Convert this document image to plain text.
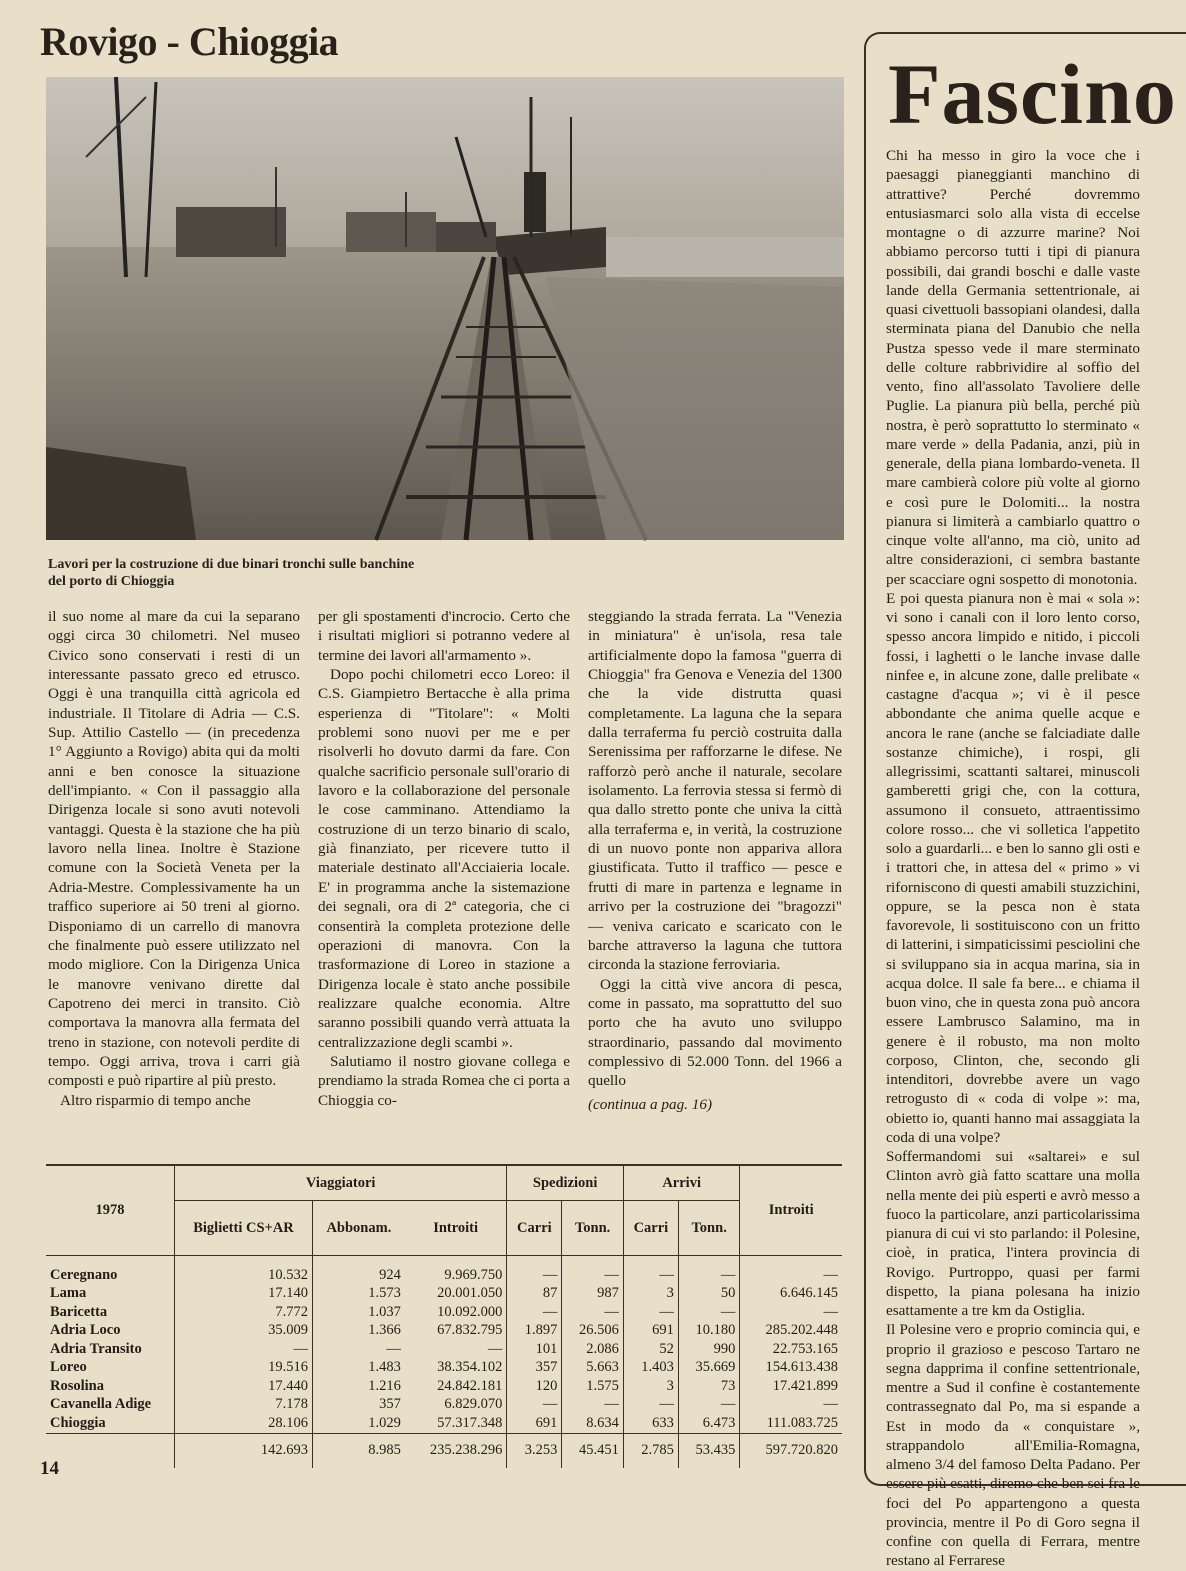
Rovigo - Chioggia
Lavori per la costruzione di due binari tronchi sulle banchine del porto di Chioggia

il suo nome al mare da cui la separano oggi circa 30 chilometri. Nel museo Civico sono conservati i resti di un interessante passato greco ed etrusco. Oggi è una tranquilla città agricola ed industriale. Il Titolare di Adria — C.S. Sup. Attilio Castello — (in precedenza 1° Aggiunto a Rovigo) abita qui da molti anni e ben conosce la situazione dell'impianto. « Con il passaggio alla Dirigenza locale si sono avuti notevoli vantaggi. Questa è la stazione che ha più lavoro nella linea. Inoltre è Stazione comune con la Società Veneta per la Adria-Mestre. Complessivamente ha un traffico superiore ai 50 treni al giorno. Disponiamo di un carrello di manovra che finalmente può essere utilizzato nel modo migliore. Con la Dirigenza Unica le manovre venivano dirette dal Capotreno dei merci in transito. Ciò comportava la manovra alla fermata del treno in stazione, con notevoli perdite di tempo. Oggi arriva, trova i carri già composti e può ripartire al più presto.

Altro risparmio di tempo anche

per gli spostamenti d'incrocio. Certo che i risultati migliori si potranno vedere al termine dei lavori all'armamento ».

Dopo pochi chilometri ecco Loreo: il C.S. Giampietro Bertacche è alla prima esperienza di "Titolare": « Molti problemi sono nuovi per me e per risolverli ho dovuto darmi da fare. Con qualche sacrificio personale sull'orario di lavoro e la collaborazione del personale le cose camminano. Attendiamo la costruzione di un terzo binario di scalo, già finanziato, per ricevere tutto il materiale destinato all'Acciaieria locale. E' in programma anche la sistemazione dei segnali, ora di 2ª categoria, che ci consentirà la completa protezione delle operazioni di manovra. Con la trasformazione di Loreo in stazione a Dirigenza locale è stato anche possibile realizzare qualche economia. Altre saranno possibili quando verrà attuata la centralizzazione degli scambi ».

Salutiamo il nostro giovane collega e prendiamo la strada Romea che ci porta a Chioggia co-

steggiando la strada ferrata. La "Venezia in miniatura" è un'isola, resa tale artificialmente dopo la famosa "guerra di Chioggia" fra Genova e Venezia del 1300 che la vide distrutta quasi completamente. La laguna che la separa dalla terraferma fu perciò costruita dalla Serenissima per rafforzarne le difese. Ne rafforzò però anche il naturale, secolare isolamento. La ferrovia stessa si fermò di qua dallo stretto ponte che univa la città alla terraferma e, in verità, la costruzione di un nuovo ponte non appariva allora giustificata. Tutto il traffico — pesce e frutti di mare in partenza e legname in arrivo per la costruzione dei "bragozzi" — veniva caricato e scaricato con le barche attraverso la laguna che tuttora circonda la stazione ferroviaria.

Oggi la città vive ancora di pesca, come in passato, ma soprattutto del suo porto che ha avuto uno sviluppo straordinario, passando dal movimento complessivo di 52.000 Tonn. del 1966 a quello

(continua a pag. 16)

Fascino

Chi ha messo in giro la voce che i paesaggi pianeggianti manchino di attrattive? Perché dovremmo entusiasmarci solo alla vista di eccelse montagne o di azzurre marine? Noi abbiamo percorso tutti i tipi di pianura possibili, dai grandi boschi e dalle vaste lande della Germania settentrionale, ai quasi civettuoli bassopiani olandesi, dalla sterminata piana del Danubio che nella Pustza spesso vede il mare sterminato delle colture rabbrividire al soffio del vento, fino all'assolato Tavoliere delle Puglie. La pianura più bella, perché più nostra, è però soprattutto lo sterminato « mare verde » della Padania, anzi, più in generale, della piana lombardo-veneta. Il mare cambierà colore più volte al giorno e così pure le Dolomiti... la nostra pianura si limiterà a cambiarlo quattro o cinque volte all'anno, ma ciò, unito ad altre considerazioni, ci sembra bastante per scacciare ogni sospetto di monotonia.

E poi questa pianura non è mai « sola »: vi sono i canali con il loro lento corso, spesso ancora limpido e nitido, i piccoli fossi, i laghetti o le lanche invase dalle ninfee e, in alcune zone, dalle prelibate « castagne d'acqua »; vi è il pesce abbondante che anima quelle acque e ancora le rane (anche se falciadiate dalle sostanze chimiche), i rospi, gli allegrissimi, scattanti saltarei, minuscoli gamberetti grigi che, con la cottura, assumono il consueto, attraentissimo colore rosso... che vi solletica l'appetito solo a guardarli... e ben lo sanno gli osti e i trattori che, in attesa del « primo » vi riforniscono di questi amabili stuzzichini, oppure, se la pesca non è stata favorevole, li sostituiscono con un fritto di latterini, i simpaticissimi pesciolini che si sviluppano sia in acqua marina, sia in acqua dolce. Il sale fa bere... e chiama il buon vino, che in questa zona può ancora essere Lambrusco Salamino, ma in genere è il robusto, ma non molto corposo, Clinton, che, secondo gli intenditori, dovrebbe avere un vago retrogusto di « coda di volpe »: ma, obietto io, quanti hanno mai assaggiata la coda di una volpe?

Soffermandomi sui «saltarei» e sul Clinton avrò già fatto scattare una molla nella mente dei più esperti e avrò messo a fuoco la particolare, anzi particolarissima pianura di cui vi sto parlando: il Polesine, cioè, in pratica, l'intera provincia di Rovigo. Purtroppo, quasi per farmi dispetto, la piana polesana ha inizio esattamente a tre km da Ostiglia.

Il Polesine vero e proprio comincia qui, e proprio il grazioso e pescoso Tartaro ne segna dapprima il confine settentrionale, mentre a Sud il confine è costantemente contrassegnato dal Po, ma si espande a Est in modo da « conquistare », strappandolo all'Emilia-Romagna, almeno 3/4 del famoso Delta Padano. Per essere più esatti, diremo che ben sei fra le foci del Po appartengono a questa provincia, mentre il Po di Goro segna il confine con quella di Ferrara, mentre restano al Ferrarese

1978	Viaggiatori			Spedizioni		Arrivi		Introiti
	Biglietti CS+AR	Abbonam.	Introiti	Carri	Tonn.	Carri	Tonn.	
Ceregnano	10.532	924	9.969.750	—	—	—	—	—
Lama	17.140	1.573	20.001.050	87	987	3	50	6.646.145
Baricetta	7.772	1.037	10.092.000	—	—	—	—	—
Adria Loco	35.009	1.366	67.832.795	1.897	26.506	691	10.180	285.202.448
Adria Transito	—	—	—	101	2.086	52	990	22.753.165
Loreo	19.516	1.483	38.354.102	357	5.663	1.403	35.669	154.613.438
Rosolina	17.440	1.216	24.842.181	120	1.575	3	73	17.421.899
Cavanella Adige	7.178	357	6.829.070	—	—	—	—	—
Chioggia	28.106	1.029	57.317.348	691	8.634	633	6.473	111.083.725
	142.693	8.985	235.238.296	3.253	45.451	2.785	53.435	597.720.820
14
